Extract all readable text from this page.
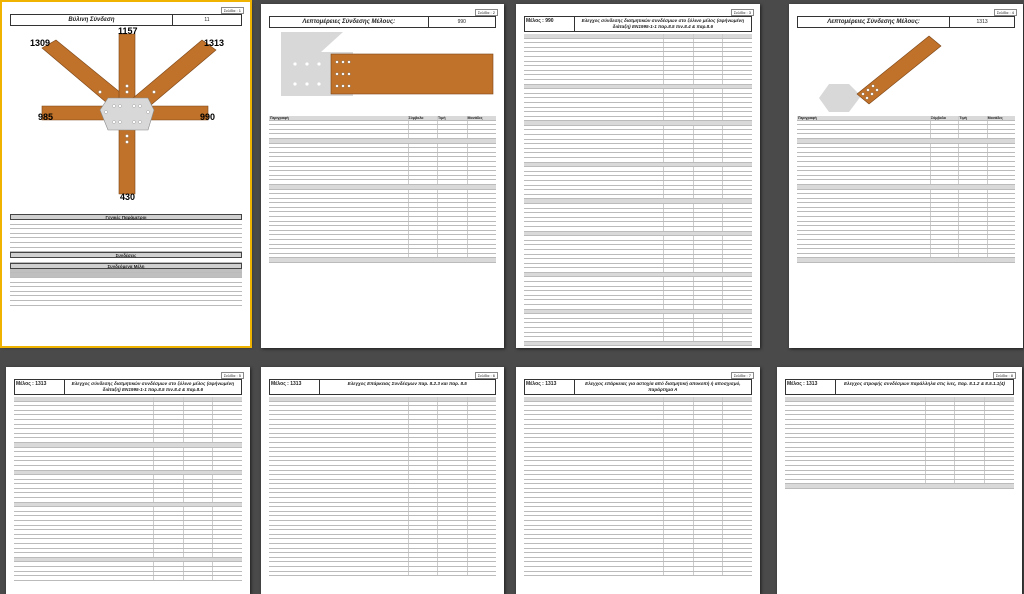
Σελίδα : 1
Βύλινη Σύνδεση	11
1309
1157
1313
985	990
430
Γενικές Παράμετροι
Συνδέσεις
Συνδεόμενα Μέλη
Σελίδα : 2
Λεπτομέρειες Σύνδεσης Μέλους:	990
Περιγραφή	Σύμβολο	Τιμή	Μονάδες
Σελίδα : 3
Μέλος : 990	Ελεγχος σύνδεσης διατμητικών συνδέσμων στο ξύλινο μέλος (σφήνωμένη διάταξη) EN1995-1-1 παρ.8.5 πιν.8.4 & παρ.8.6
Σελίδα : 4
Λεπτομέρειες Σύνδεσης Μέλους:	1313
Περιγραφή	Σύμβολο	Τιμή	Μονάδες
Σελίδα : 5
Μέλος : 1313	Ελεγχος σύνδεσης διατμητικών συνδέσμων στο ξύλινο μέλος (σφήνωμένη διάταξη) EN1995-1-1 παρ.8.5 πιν.8.4 & παρ.8.6
Σελίδα : 6
Μέλος : 1313	Ελεγχος Επάρκειας Συνδέσμων παρ. 8.2.3 και παρ. 8.5
Σελίδα : 7
Μέλος : 1313	Ελεγχος επάρκειας για αστοχία από διατμητική αποκοπή ή αποσχισμό, παράρτημα Α
Σελίδα : 8
Μέλος : 1313	Ελεγχος στροφής συνδέσμων παράλληλα στις ίνες, παρ. 8.1.2 & 8.5.1.1(4)
